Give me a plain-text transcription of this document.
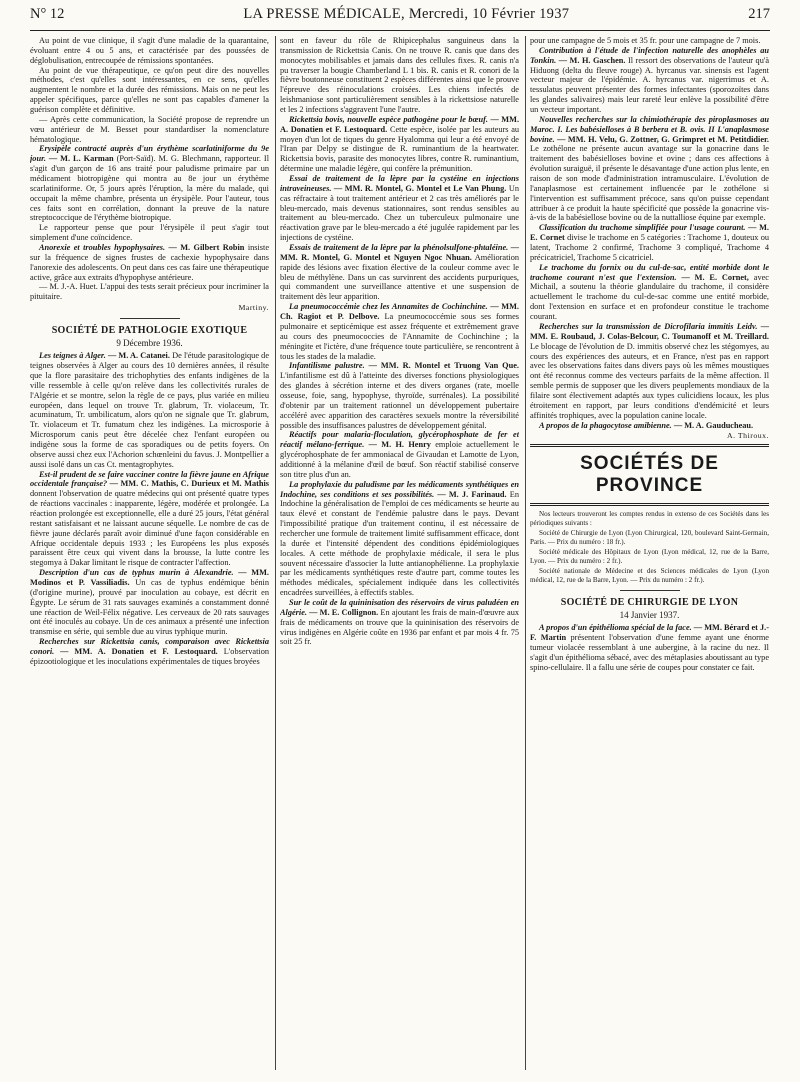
N° 12	LA PRESSE MÉDICALE, Mercredi, 10 Février 1937	217

Au point de vue clinique, il s'agit d'une maladie de la quarantaine, évoluant entre 4 ou 5 ans, et caractérisée par des poussées de déglobulisation, entrecoupée de rémissions spontanées.

Au point de vue thérapeutique, ce qu'on peut dire des nouvelles méthodes, c'est qu'elles sont intéressantes, en ce sens, qu'elles augmentent le nombre et la durée des rémissions. Mais on ne peut les appeler spécifiques, parce qu'elles ne sont pas capables d'amener la guérison complète et définitive.

— Après cette communication, la Société propose de reprendre un vœu antérieur de M. Besset pour standardiser la nomenclature hématologique.

Erysipèle contracté auprès d'un érythème scarlatiniforme du 9e jour. — M. L. Karman (Port-Saïd). M. G. Blechmann, rapporteur. Il s'agit d'un garçon de 16 ans traité pour paludisme primaire par un médicament biotropigène qui montra au 8e jour un érythème scarlatiniforme. Or, 5 jours après l'éruption, la mère du malade, qui occupait la même chambre, présenta un érysipèle. Pour l'auteur, tous ces faits sont en corrélation, donnant la preuve de la nature streptococcique de l'érythème biotropique.

Le rapporteur pense que pour l'érysipèle il peut s'agir tout simplement d'une coïncidence.

Anorexie et troubles hypophysaires. — M. Gilbert Robin insiste sur la fréquence de signes frustes de cachexie hypophysaire dans l'anorexie des adolescents. On peut dans ces cas faire une thérapeutique active, grâce aux extraits d'hypophyse antérieure.

— M. J.-A. Huet. L'appui des tests serait précieux pour incriminer la pituitaire.

Martiny.
SOCIÉTÉ DE PATHOLOGIE EXOTIQUE
9 Décembre 1936.

Les teignes à Alger. — M. A. Catanei. De l'étude parasitologique de teignes observées à Alger au cours des 10 dernières années, il résulte que la flore parasitaire des trichophyties des enfants indigènes de la ville ressemble à celle qu'on relève dans les collectivités rurales de l'Algérie et se montre, selon la règle de ce pays, plus variée en milieu européen, dans lequel on trouve Tr. glabrum, Tr. violaceum, Tr. acuminatum, Tr. umbilicatum, alors qu'on ne signale que Tr. glabrum, Tr. violaceum et Tr. fumatum chez les indigènes. La microsporie à Microsporum canis peut être décelée chez l'enfant européen ou indigène sous la forme de cas sporadiques ou de petits foyers. On observe aussi chez eux l'Achorion schœnleini du favus. J. Montpellier a aussi isolé dans un cas Ct. mentagrophytes.

Est-il prudent de se faire vacciner contre la fièvre jaune en Afrique occidentale française? — MM. C. Mathis, C. Durieux et M. Mathis donnent l'observation de quatre médecins qui ont présenté quatre types de réactions vaccinales : inapparente, légère, modérée et prolongée. La réaction prolongée est exceptionnelle, elle a duré 25 jours, l'état général restant satisfaisant et ne laissant aucune séquelle. Le nombre de cas de fièvre jaune déclarés paraît avoir diminué d'une façon considérable en Afrique occidentale depuis 1933 ; les Européens les plus exposés paraissent être ceux qui vivent dans la brousse, la lutte contre les stegomya à Dakar limitant le risque de contracter l'affection.

Description d'un cas de typhus murin à Alexandrie. — MM. Modinos et P. Vassiliadis. Un cas de typhus endémique bénin (d'origine murine), prouvé par inoculation au cobaye, est décrit en Égypte. Le sérum de 31 rats sauvages examinés a constamment donné une réaction de Weil-Félix négative. Les cerveaux de 20 rats sauvages ont été inoculés au cobaye. Un de ces animaux a présenté une infection transmise en série, qui semble due au virus typhique murin.

Recherches sur Rickettsia canis, comparaison avec Rickettsia conori. — MM. A. Donatien et F. Lestoquard. L'observation épizootiologique et les inoculations expérimentales de tiques broyées

sont en faveur du rôle de Rhipicephalus sanguineus dans la transmission de Rickettsia Canis. On ne trouve R. canis que dans des monocytes mobilisables et jamais dans des cellules fixes. R. canis n'a pu traverser la bougie Chamberland L 1 bis. R. canis et R. conori de la fièvre boutonneuse constituent 2 espèces différentes ainsi que le prouve l'épreuve des réinoculations croisées. Les chiens infectés de leishmaniose sont particulièrement sensibles à la rickettsiose naturelle et les 2 infections s'aggravent l'une l'autre.

Rickettsia bovis, nouvelle espèce pathogène pour le bœuf. — MM. A. Donatien et F. Lestoquard. Cette espèce, isolée par les auteurs au moyen d'un lot de tiques du genre Hyalomma qui leur a été envoyé de l'Iran par Delpy se distingue de R. ruminantium de la heartwater. Rickettsia bovis, parasite des monocytes libres, contre R. ruminantium, détermine une maladie légère, qui confère la prémunition.

Essai de traitement de la lèpre par la cystéine en injections intraveineuses. — MM. R. Montel, G. Montel et Le Van Phung. Un cas réfractaire à tout traitement antérieur et 2 cas très améliorés par le bleu-mercado, mais devenus stationnaires, sont rendus sensibles au traitement au bleu-mercado. Chez un tuberculeux pulmonaire une réactivation grave par le bleu-mercado a été jugulée rapidement par les injections de cystéine.

Essais de traitement de la lèpre par la phénolsulfone-phtaléine. — MM. R. Montel, G. Montel et Nguyen Ngoc Nhuan. Amélioration rapide des lésions avec fixation élective de la couleur comme avec le bleu de méthylène. Dans un cas survinrent des accidents purpuriques, qui commandent une surveillance attentive et une suspension de traitement dès leur apparition.

La pneumococcémie chez les Annamites de Cochinchine. — MM. Ch. Ragiot et P. Delbove. La pneumococcémie sous ses formes pulmonaire et septicémique est assez fréquente et extrêmement grave au cours des pneumococcies de l'Annamite de Cochinchine ; la méningite et l'ictère, d'une fréquence toute particulière, se rencontrent à tous les stades de la maladie.

Infantilisme palustre. — MM. R. Montel et Truong Van Que. L'infantilisme est dû à l'atteinte des diverses fonctions physiologiques des glandes à sécrétion interne et des divers organes (rate, moelle osseuse, foie, sang, hypophyse, thyroïde, surrénales). La possibilité d'obtenir par un traitement rationnel un développement pubertaire accéléré avec apparition des caractères sexuels montre la réversibilité possible des insuffisances palustres de développement génital.

Réactifs pour malaria-floculation, glycérophosphate de fer et réactif mélano-ferrique. — M. H. Henry emploie actuellement le glycérophosphate de fer ammoniacal de Givaudan et Lamotte de Lyon, additionné à la mélanine d'œil de bœuf. Son réactif stabilisé conserve son titre plus d'un an.

La prophylaxie du paludisme par les médicaments synthétiques en Indochine, ses conditions et ses possibilités. — M. J. Farinaud. En Indochine la généralisation de l'emploi de ces médicaments se heurte au taux élevé et constant de l'endémie palustre dans le pays. Devant l'impossibilité pratique d'un traitement continu, il est nécessaire de rechercher une formule de traitement limité suffisamment efficace, dont la durée et l'intensité dépendent des conditions épidémiologiques locales. A cette méthode de prophylaxie médicale, il sera le plus souvent nécessaire d'associer la lutte antianophélienne. La prophylaxie par les médicaments synthétiques reste d'autre part, comme toutes les méthodes médicales, spécialement indiquée dans les collectivités encadrées surveillées, à effectifs stables.

Sur le coût de la quininisation des réservoirs de virus paludéen en Algérie. — M. E. Collignon. En ajoutant les frais de main-d'œuvre aux frais de médicaments on trouve que la quininisation des réservoirs de virus indigènes en Algérie coûte en 1936 par enfant et par mois 4 fr. 75 soit 25 fr.

pour une campagne de 5 mois et 35 fr. pour une campagne de 7 mois.

Contribution à l'étude de l'infection naturelle des anophèles au Tonkin. — M. H. Gaschen. Il ressort des observations de l'auteur qu'à Hiduong (delta du fleuve rouge) A. hyrcanus var. sinensis est l'agent vecteur majeur de l'épidémie. A. hyrcanus var. nigerrimus et A. tessulatus peuvent présenter des formes infectantes (sporozoïtes dans les glandes salivaires) mais leur rareté leur enlève la possibilité d'être un vecteur important.

Nouvelles recherches sur la chimiothérapie des piroplasmoses au Maroc. I. Les babésielloses à B berbera et B. ovis. II L'anaplasmose bovine. — MM. H. Velu, G. Zottner, G. Grimpret et M. Petitdidier. Le zothélone ne présente aucun avantage sur la gonacrine dans le traitement des babésielloses bovine et ovine ; dans ces affections à évolution suraiguë, il présente le désavantage d'une action plus lente, en raison de son mode d'administration intramusculaire. L'évolution de l'anaplasmose est certainement influencée par le zothélone si l'intervention est suffisamment précoce, sans qu'on puisse cependant attribuer à ce produit la haute spécificité que possède la gonacrine vis-à-vis de la babésiellose bovine ou de la nuttalliose équine par exemple.

Classification du trachome simplifiée pour l'usage courant. — M. E. Cornet divise le trachome en 5 catégories : Trachome 1, douteux ou latent, Trachome 2 confirmé, Trachome 3 compliqué, Trachome 4 précicatriciel, Trachome 5 cicatriciel.

Le trachome du fornix ou du cul-de-sac, entité morbide dont le trachome courant n'est que l'extension. — M. E. Cornet, avec Michail, a soutenu la théorie glandulaire du trachome, il considère actuellement le trachome du cul-de-sac comme une entité morbide, dont l'extension en surface et en profondeur constitue le trachome courant.

Recherches sur la transmission de Dicrofilaria immitis Leidv. — MM. E. Roubaud, J. Colas-Belcour, C. Toumanoff et M. Treillard. Le blocage de l'évolution de D. immitis observé chez les stégomyes, au cours des expériences des auteurs, et en France, n'est pas en rapport avec les observations faites dans divers pays où les mêmes moustiques ont été reconnus comme des vecteurs parfaits de la même affection. Il semble permis de supposer que les divers peuplements mondiaux de la filaire sont électivement adaptés aux types culicidiens locaux, les plus étroitement en rapport, par leurs conditions d'endémicité et leurs affinités trophiques, avec la population canine locale.

A propos de la phagocytose amibienne. — M. A. Gauducheau.

A. Thiroux.
SOCIÉTÉS DE PROVINCE

Nos lecteurs trouveront les comptes rendus in extenso de ces Sociétés dans les périodiques suivants :

Société de Chirurgie de Lyon (Lyon Chirurgical, 120, boulevard Saint-Germain, Paris. — Prix du numéro : 18 fr.).

Société médicale des Hôpitaux de Lyon (Lyon médical, 12, rue de la Barre, Lyon. — Prix du numéro : 2 fr.).

Société nationale de Médecine et des Sciences médicales de Lyon (Lyon médical, 12, rue de la Barre, Lyon. — Prix du numéro : 2 fr.).

SOCIÉTÉ DE CHIRURGIE DE LYON
14 Janvier 1937.

A propos d'un épithélioma spécial de la face. — MM. Bérard et J.-F. Martin présentent l'observation d'une femme ayant une énorme tumeur violacée ressemblant à une aubergine, à la racine du nez. Il s'agit d'un épithélioma sébacé, avec des métaplasies aboutissant au type spino-cellulaire. Il a fallu une série de coupes pour constater ce fait.
